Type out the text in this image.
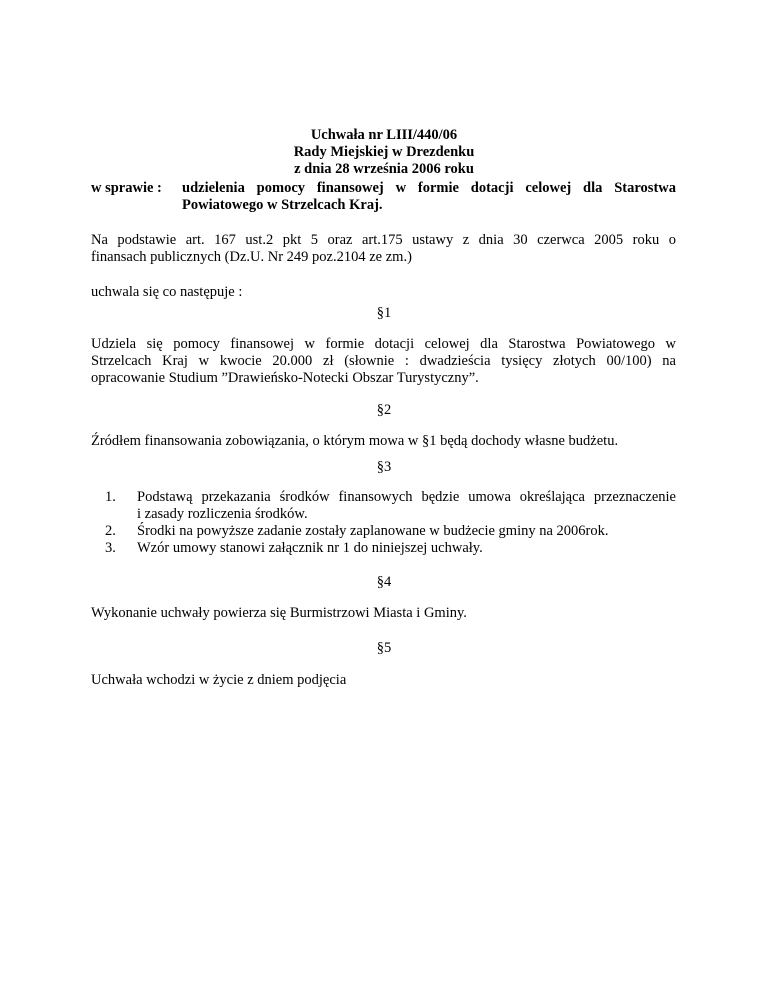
Uchwała nr LIII/440/06
Rady Miejskiej w Drezdenku
z dnia 28 września 2006 roku
w sprawie : udzielenia pomocy finansowej w formie dotacji celowej dla Starostwa
Powiatowego w Strzelcach Kraj.
Na podstawie art. 167 ust.2 pkt 5 oraz art.175 ustawy z dnia 30 czerwca 2005 roku o
finansach publicznych (Dz.U. Nr 249 poz.2104 ze zm.)
uchwala się co następuje :
§1
Udziela się pomocy finansowej w formie dotacji celowej dla Starostwa Powiatowego w
Strzelcach Kraj w kwocie 20.000 zł (słownie : dwadzieścia tysięcy złotych 00/100) na
opracowanie Studium ”Drawieńsko-Notecki Obszar Turystyczny”.
§2
Źródłem finansowania zobowiązania, o którym mowa w §1 będą dochody własne budżetu.
§3
1. Podstawą przekazania środków finansowych będzie umowa określająca przeznaczenie
i zasady rozliczenia środków.
2. Środki na powyższe zadanie zostały zaplanowane w budżecie gminy na 2006rok.
3. Wzór umowy stanowi załącznik nr 1 do niniejszej uchwały.
§4
Wykonanie uchwały powierza się Burmistrzowi Miasta i Gminy.
§5
Uchwała wchodzi w życie z dniem podjęcia
